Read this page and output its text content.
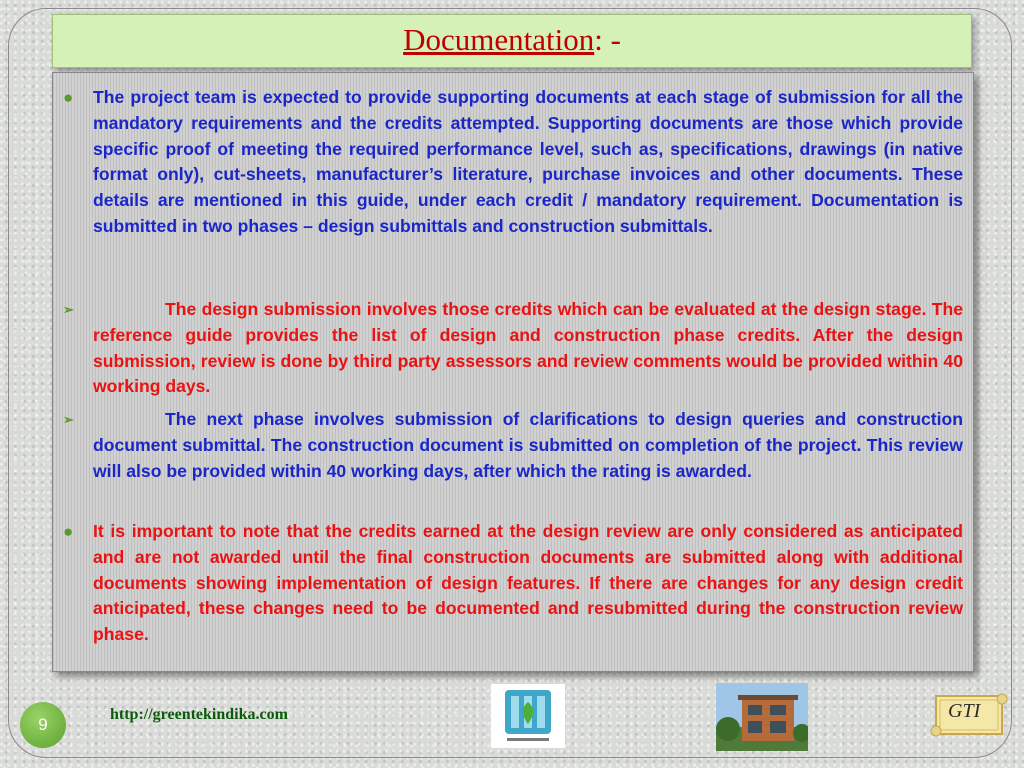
Documentation: -

● The project team is expected to provide supporting documents at each stage of submission for all the mandatory requirements and the credits attempted. Supporting documents are those which provide specific proof of meeting the required performance level, such as, specifications, drawings (in native format only), cut-sheets, manufacturer’s literature, purchase invoices and other documents. These details are mentioned in this guide, under each credit / mandatory requirement. Documentation is submitted in two phases – design submittals and construction submittals.

➢	The design submission involves those credits which can be evaluated at the design stage. The reference guide provides the list of design and construction phase credits. After the design submission, review is done by third party assessors and review comments would be provided within 40 working days.

➢	The next phase involves submission of clarifications to design queries and construction document submittal. The construction document is submitted on completion of the project. This review will also be provided within 40 working days, after which the rating is awarded.

● It is important to note that the credits earned at the design review are only considered as anticipated and are not awarded until the final construction documents are submitted along with additional documents showing implementation of design features. If there are changes for any design credit anticipated, these changes need to be documented and resubmitted during the construction review phase.

9
http://greentekindika.com	GTI
